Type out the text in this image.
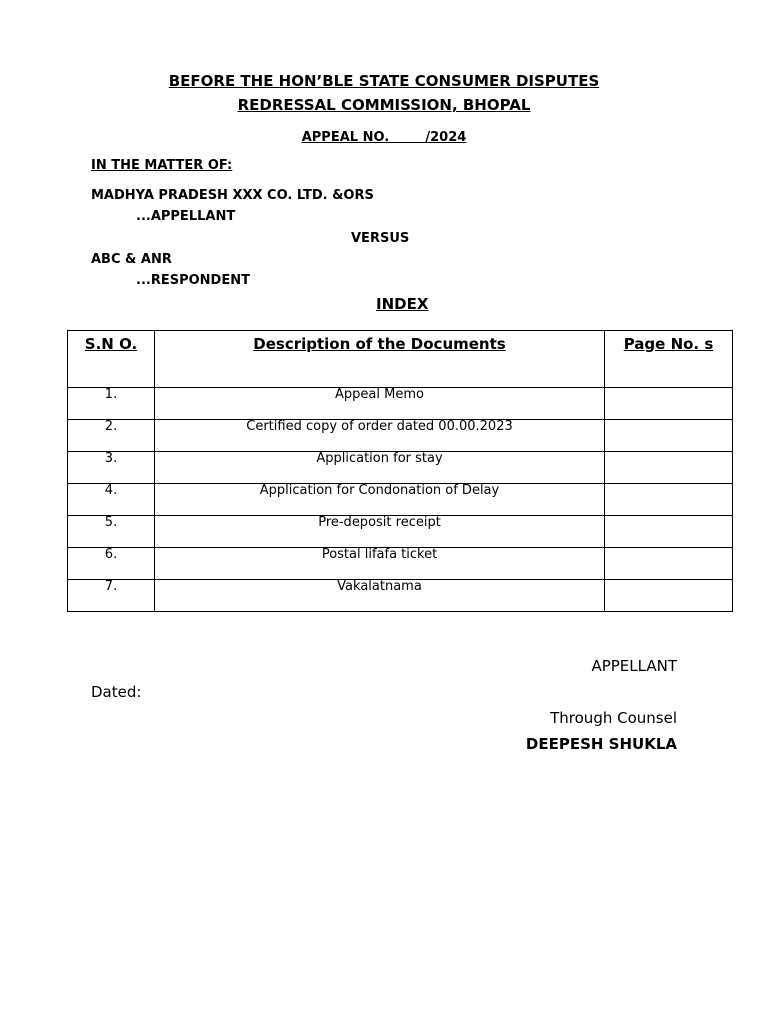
BEFORE THE HON’BLE STATE CONSUMER DISPUTES
REDRESSAL COMMISSION, BHOPAL
APPEAL NO.        /2024
IN THE MATTER OF:
MADHYA PRADESH XXX CO. LTD. &ORS
...APPELLANT
VERSUS
ABC & ANR
...RESPONDENT
INDEX
S.N O.	Description of the Documents	Page No. s
1.	Appeal Memo	
2.	Certified copy of order dated 00.00.2023	
3.	Application for stay	
4.	Application for Condonation of Delay	
5.	Pre-deposit receipt	
6.	Postal lifafa ticket	
7.	Vakalatnama	
APPELLANT
Dated:
Through Counsel
DEEPESH SHUKLA
